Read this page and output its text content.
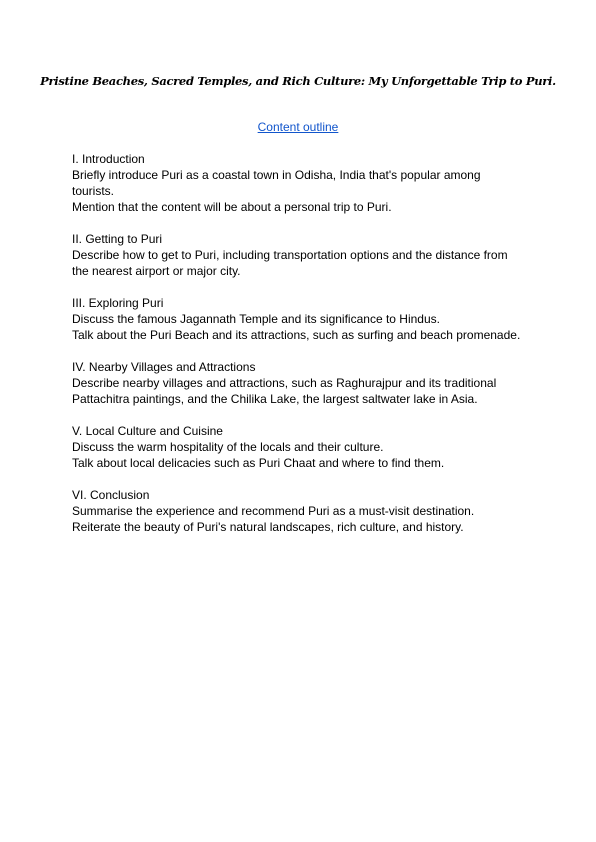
Pristine Beaches, Sacred Temples, and Rich Culture: My Unforgettable Trip to Puri.
Content outline

I. Introduction

Briefly introduce Puri as a coastal town in Odisha, India that's popular among

tourists.

Mention that the content will be about a personal trip to Puri.

II. Getting to Puri

Describe how to get to Puri, including transportation options and the distance from

the nearest airport or major city.

III. Exploring Puri

Discuss the famous Jagannath Temple and its significance to Hindus.

Talk about the Puri Beach and its attractions, such as surfing and beach promenade.

IV. Nearby Villages and Attractions

Describe nearby villages and attractions, such as Raghurajpur and its traditional

Pattachitra paintings, and the Chilika Lake, the largest saltwater lake in Asia.

V. Local Culture and Cuisine

Discuss the warm hospitality of the locals and their culture.

Talk about local delicacies such as Puri Chaat and where to find them.

VI. Conclusion

Summarise the experience and recommend Puri as a must-visit destination.

Reiterate the beauty of Puri's natural landscapes, rich culture, and history.
